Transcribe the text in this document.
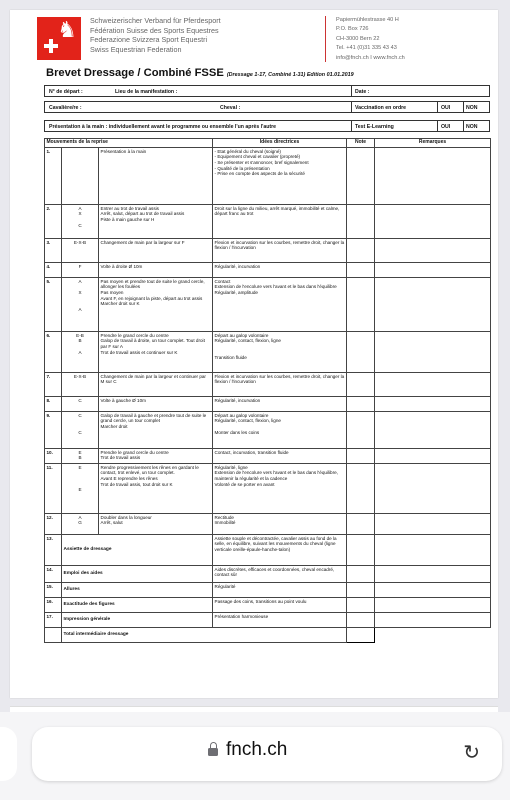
♞ Schweizerischer Verband für Pferdesport
Fédération Suisse des Sports Equestres
Federazione Svizzera Sport Equestri
Swiss Equestrian Federation
Papiermühlestrasse 40 H
P.O. Box 726
CH-3000 Bern 22
Tel. +41 (0)31 335 43 43
info@fnch.ch I www.fnch.ch
Brevet Dressage / Combiné FSSE (Dressage 1-17, Combiné 1-31) Edition 01.01.2019
N° de départ :	Lieu de la manifestation :	Date :
Cavalière/re :	Cheval :	Vaccination en ordre	OUI	NON
Présentation à la main : individuellement avant le programme ou ensemble l'un après l'autre	Test E-Learning	OUI	NON
Mouvements de la reprise			Idées directrices	Note	Remarques
1.		Présentation à la main	- Etat général du cheval (soigné)
- Equipement cheval et cavalier (propreté)
- Se présenter et s'annoncer, bref signalement
- Qualité de la présentation
- Prise en compte des aspects de la sécurité		
2.	A
X

C	Entrer au trot de travail assis
Arrêt, salut, départ au trot de travail assis
Piste à main gauche sur H	Droit sur la ligne du milieu, arrêt marqué, immobilité et calme, départ franc au trot		
3.	E-X-B	Changement de main par la largeur sur F	Flexion et incurvation sur les courbes, remettre droit, changer la flexion / l'incurvation		
4.	F	Volte à droite Ø 10m	Régularité, incurvation		
5.	A

X

A	Pas moyen et prendre tout de suite le grand cercle, allonger les foulées
Pas moyen
Avant F, en rejoignant la piste, départ au trot assis
Marcher droit sur K	Contact
Extension de l'encolure vers l'avant et le bas dans l'équilibre
Régularité, amplitude		
6.	E-B
B

A	Prendre le grand cercle du centre
Galop de travail à droite, un tour complet. Tout droit par F sur A
Trot de travail assis et continuer sur K	Départ au galop volontaire
Régularité, contact, flexion, ligne

Transition fluide		
7.	E-X-B	Changement de main par la largeur et continuer par M sur C	Flexion et incurvation sur les courbes, remettre droit, changer la flexion / l'incurvation		
8.	C	Volte à gauche Ø 10m	Régularité, incurvation		
9.	C

C	Galop de travail à gauche et prendre tout de suite le grand cercle, un tour complet
Marcher droit	Départ au galop volontaire
Régularité, contact, flexion, ligne

Monter dans les coins		
10.	E
B	Prendre le grand cercle du centre
Trot de travail assis	Contact, incurvation, transition fluide		
11.	E

E	Rendre progressivement les rênes en gardant le contact, trot enlevé, un tour complet.
Avant E reprendre les rênes
Trot de travail assis, tout droit sur K	Régularité, ligne
Extension de l'encolure vers l'avant et le bas dans l'équilibre, maintenir la régularité et la cadence
Volonté de se porter en avant		
12.	A
G	Doubler dans la longueur
Arrêt, salut	Rectitude
Immobilité		
13.	Assiette de dressage		Assiette souple et décontractée, cavalier assis au fond de la selle, en équilibre, suivant les mouvements du cheval (ligne verticale oreille-épaule-hanche-talon)		
14.	Emploi des aides		Aides discrètes, efficaces et coordonnées, cheval encadré, contact sûr		
15.	Allures		Régularité		
16.	Exactitude des figures		Passage des coins, transitions au point voulu		
17.	Impression générale		Présentation harmonieuse		
	Total intermédiaire dressage				
fnch.ch	↻
